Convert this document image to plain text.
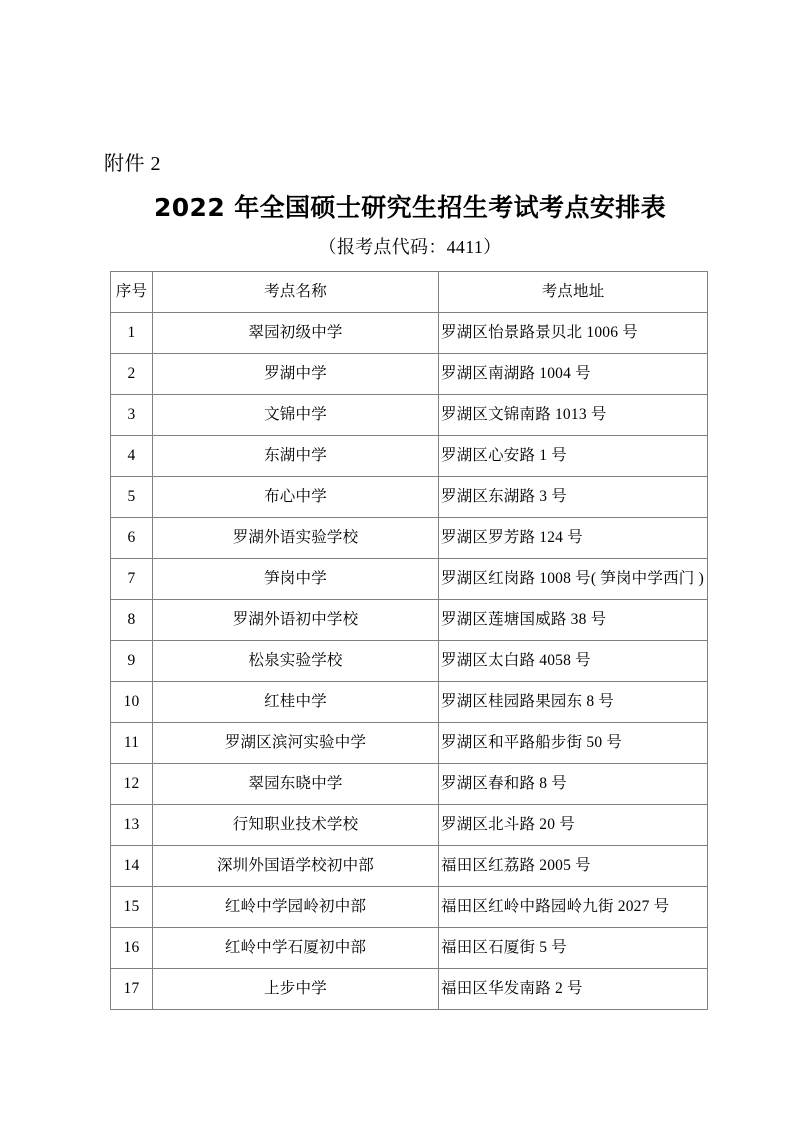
附件 2
2022 年全国硕士研究生招生考试考点安排表
（报考点代码：4411）
序号	考点名称	考点地址
1	翠园初级中学	罗湖区怡景路景贝北 1006 号
2	罗湖中学	罗湖区南湖路 1004 号
3	文锦中学	罗湖区文锦南路 1013 号
4	东湖中学	罗湖区心安路 1 号
5	布心中学	罗湖区东湖路 3 号
6	罗湖外语实验学校	罗湖区罗芳路 124 号
7	笋岗中学	罗湖区红岗路 1008 号( 笋岗中学西门 )
8	罗湖外语初中学校	罗湖区莲塘国威路 38 号
9	松泉实验学校	罗湖区太白路 4058 号
10	红桂中学	罗湖区桂园路果园东 8 号
11	罗湖区滨河实验中学	罗湖区和平路船步街 50 号
12	翠园东晓中学	罗湖区春和路 8 号
13	行知职业技术学校	罗湖区北斗路 20 号
14	深圳外国语学校初中部	福田区红荔路 2005 号
15	红岭中学园岭初中部	福田区红岭中路园岭九街 2027 号
16	红岭中学石厦初中部	福田区石厦街 5 号
17	上步中学	福田区华发南路 2 号
